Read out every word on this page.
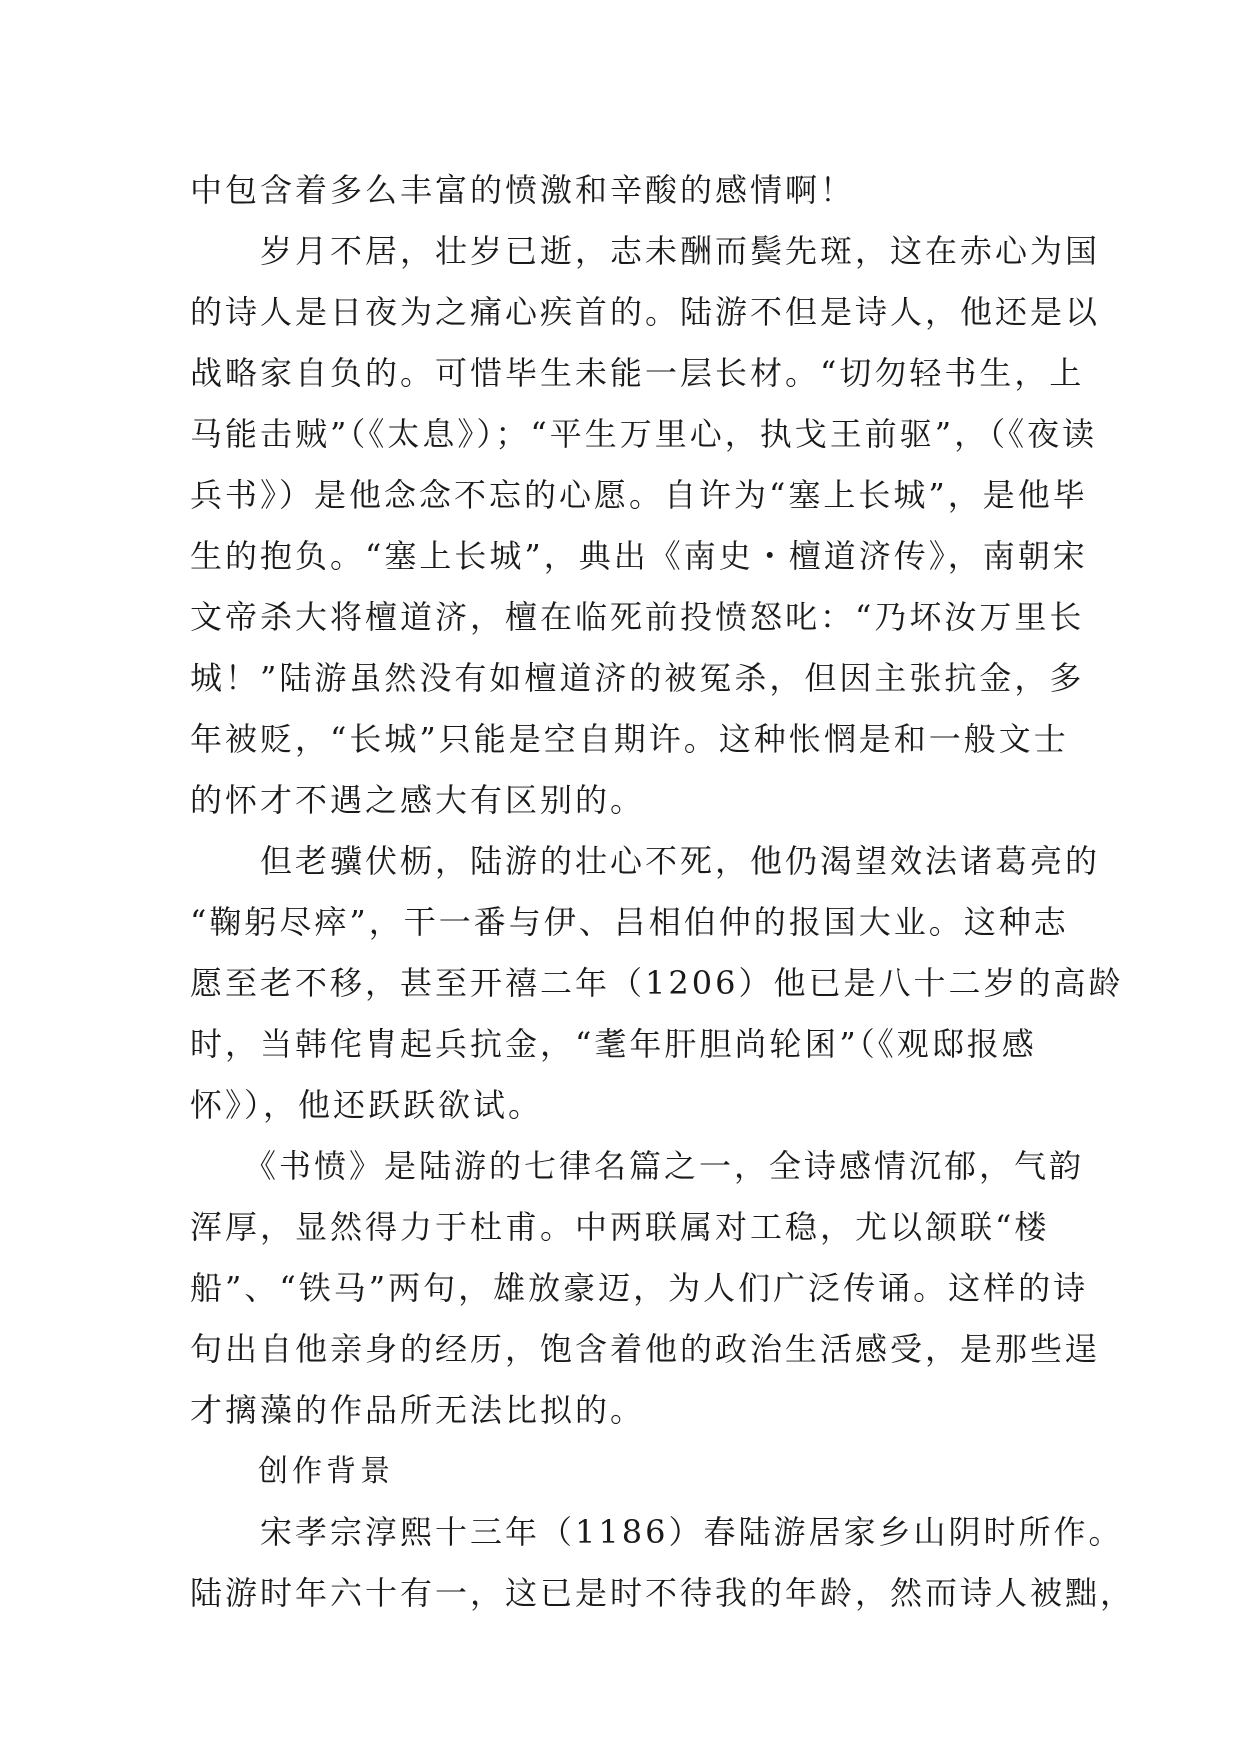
中包含着多么丰富的愤激和辛酸的感情啊！
　　岁月不居，壮岁已逝，志未酬而鬓先斑，这在赤心为国
的诗人是日夜为之痛心疾首的。陆游不但是诗人，他还是以
战略家自负的。可惜毕生未能一层长材。“切勿轻书生，上
马能击贼”（《太息》）；“平生万里心，执戈王前驱”，（《夜读
兵书》）是他念念不忘的心愿。自许为“塞上长城”，是他毕
生的抱负。“塞上长城”，典出《南史・檀道济传》，南朝宋
文帝杀大将檀道济，檀在临死前投愤怒叱：“乃坏汝万里长
城！”陆游虽然没有如檀道济的被冤杀，但因主张抗金，多
年被贬，“长城”只能是空自期许。这种怅惘是和一般文士
的怀才不遇之感大有区别的。
　　但老骥伏枥，陆游的壮心不死，他仍渴望效法诸葛亮的
“鞠躬尽瘁”，干一番与伊、吕相伯仲的报国大业。这种志
愿至老不移，甚至开禧二年（1206）他已是八十二岁的高龄
时，当韩侘胄起兵抗金，“耄年肝胆尚轮囷”（《观邸报感
怀》），他还跃跃欲试。
　　《书愤》是陆游的七律名篇之一，全诗感情沉郁，气韵
浑厚，显然得力于杜甫。中两联属对工稳，尤以颔联“楼
船”、“铁马”两句，雄放豪迈，为人们广泛传诵。这样的诗
句出自他亲身的经历，饱含着他的政治生活感受，是那些逞
才摛藻的作品所无法比拟的。
　　创作背景
　　宋孝宗淳熙十三年（1186）春陆游居家乡山阴时所作。
陆游时年六十有一，这已是时不待我的年龄，然而诗人被黜，
